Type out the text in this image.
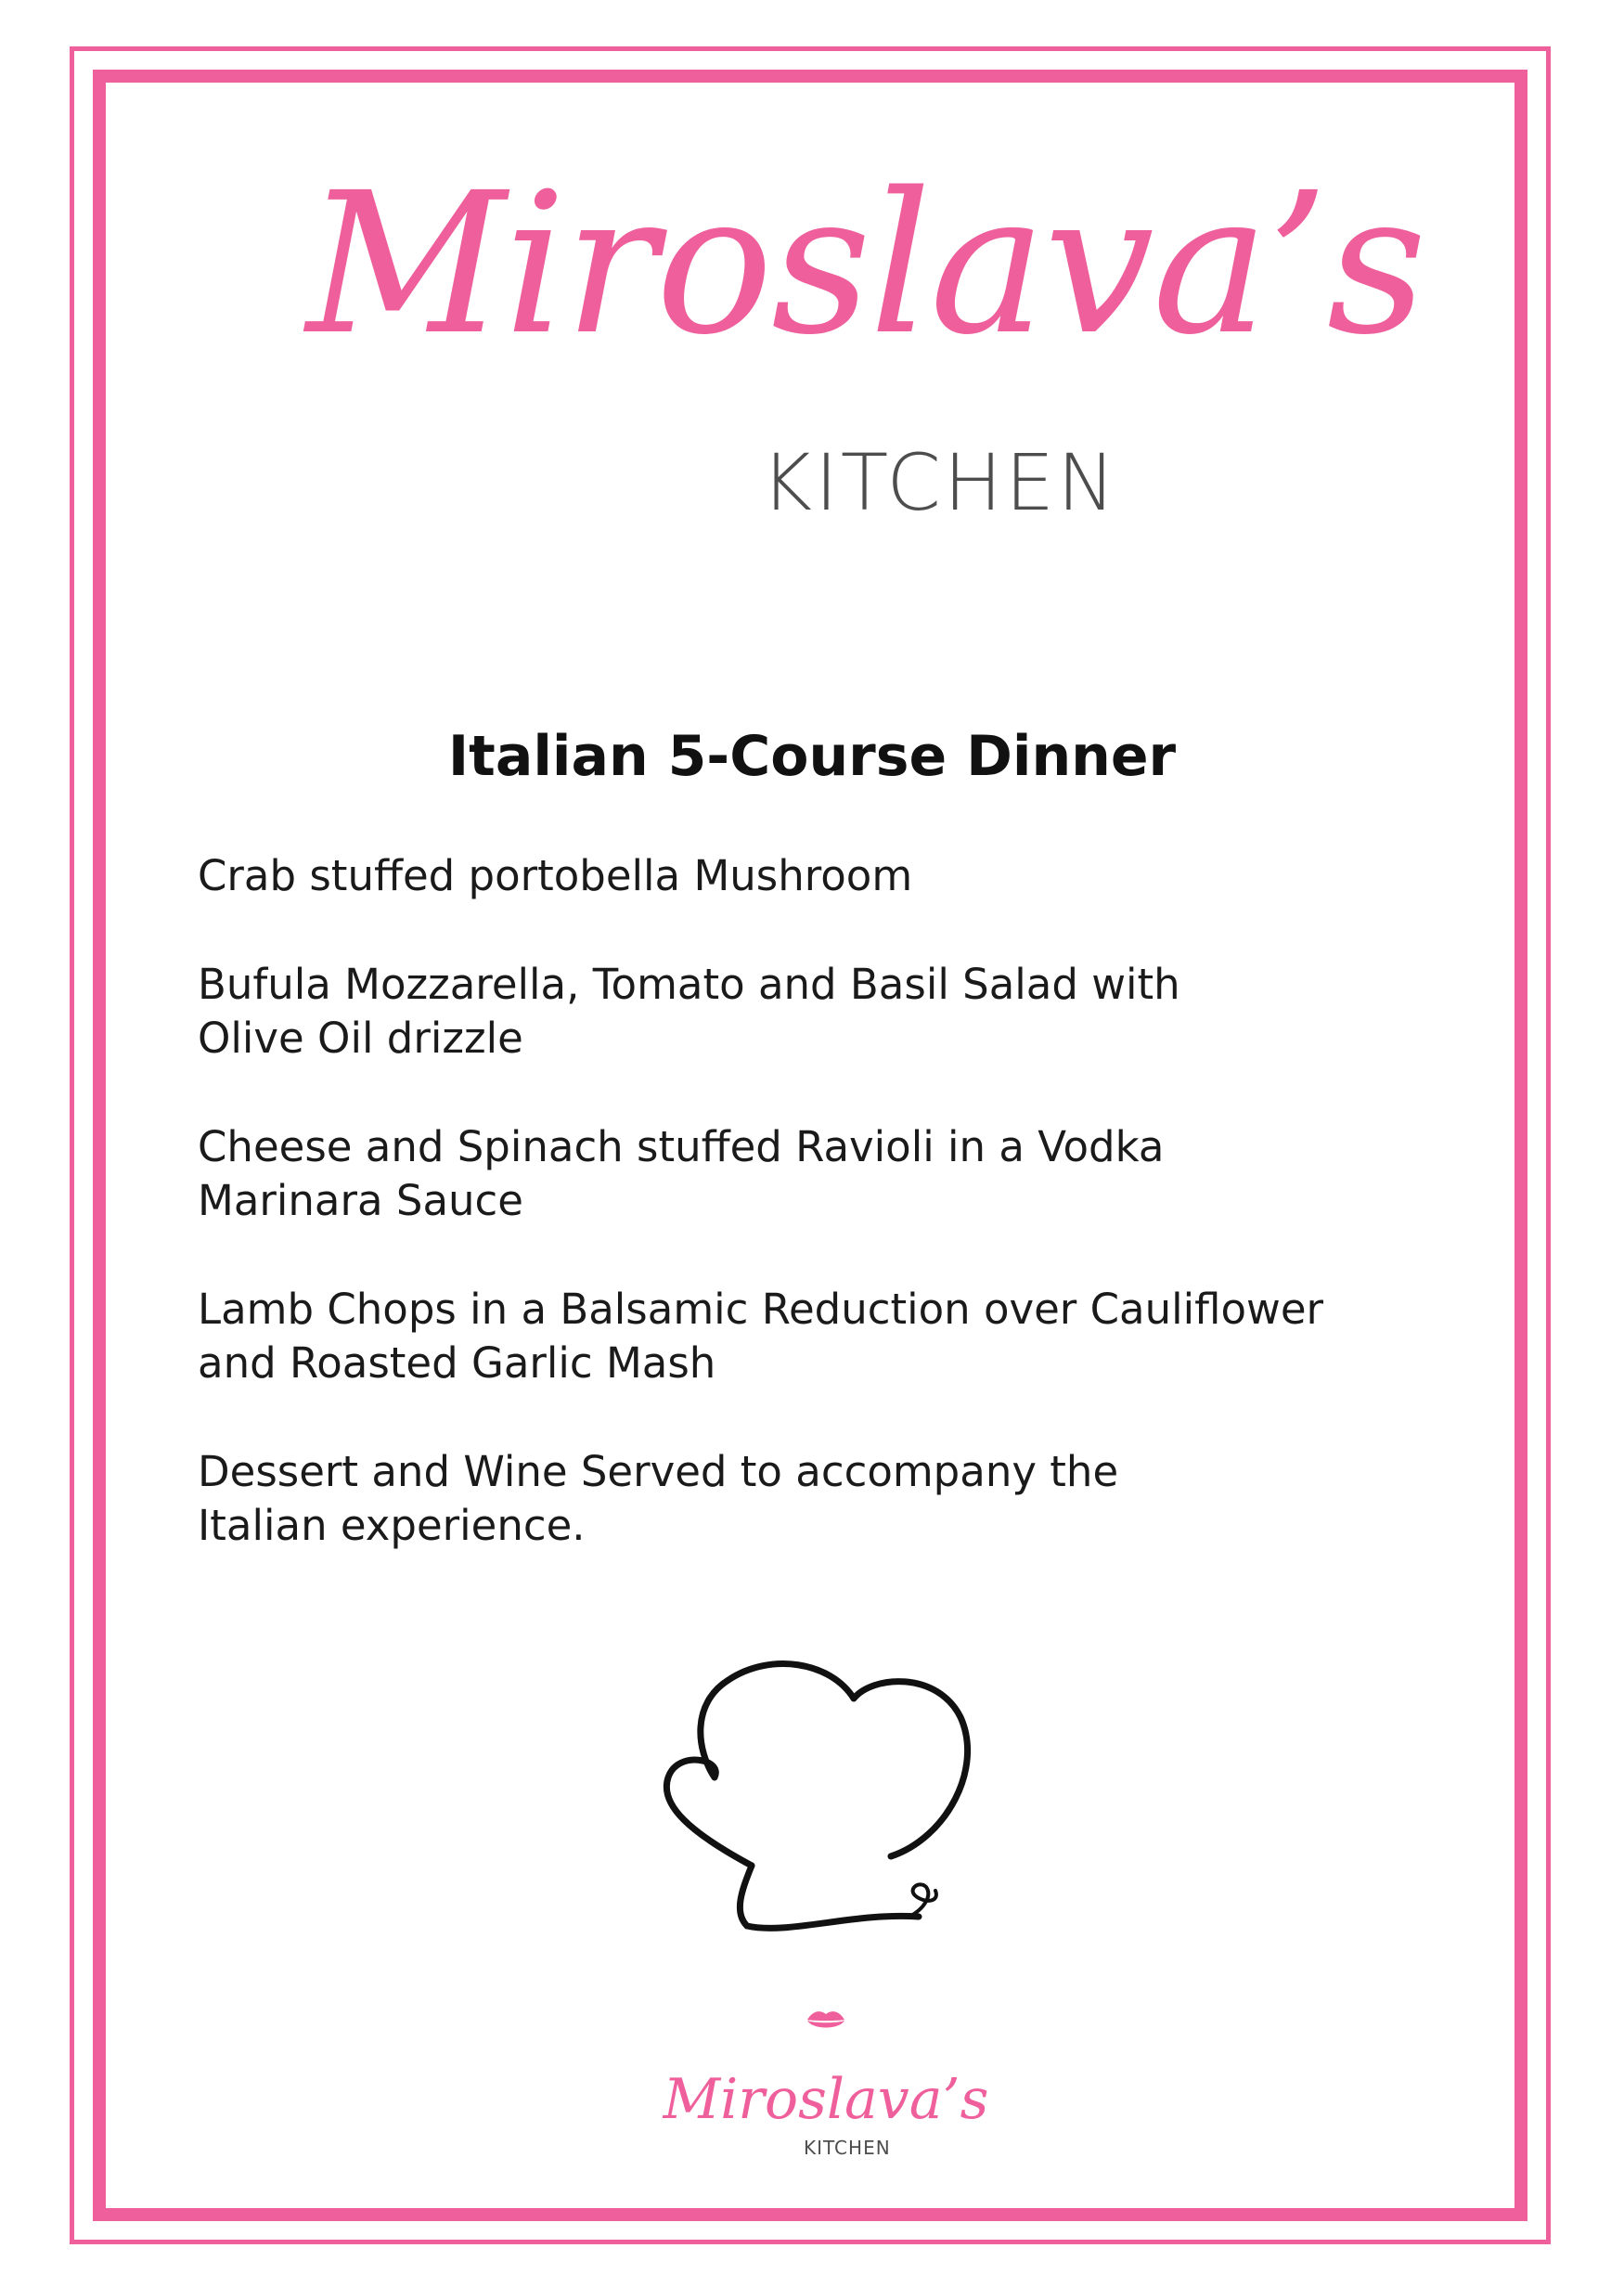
Miroslava’s
KITCHEN
Italian 5-Course Dinner
Crab stuffed portobella Mushroom
Bufula Mozzarella, Tomato and Basil Salad with
Olive Oil drizzle
Cheese and Spinach stuffed Ravioli in a Vodka
Marinara Sauce
Lamb Chops in a Balsamic Reduction over Cauliflower
and Roasted Garlic Mash
Dessert and Wine Served to accompany the
Italian experience.
Miroslava’s
KITCHEN
